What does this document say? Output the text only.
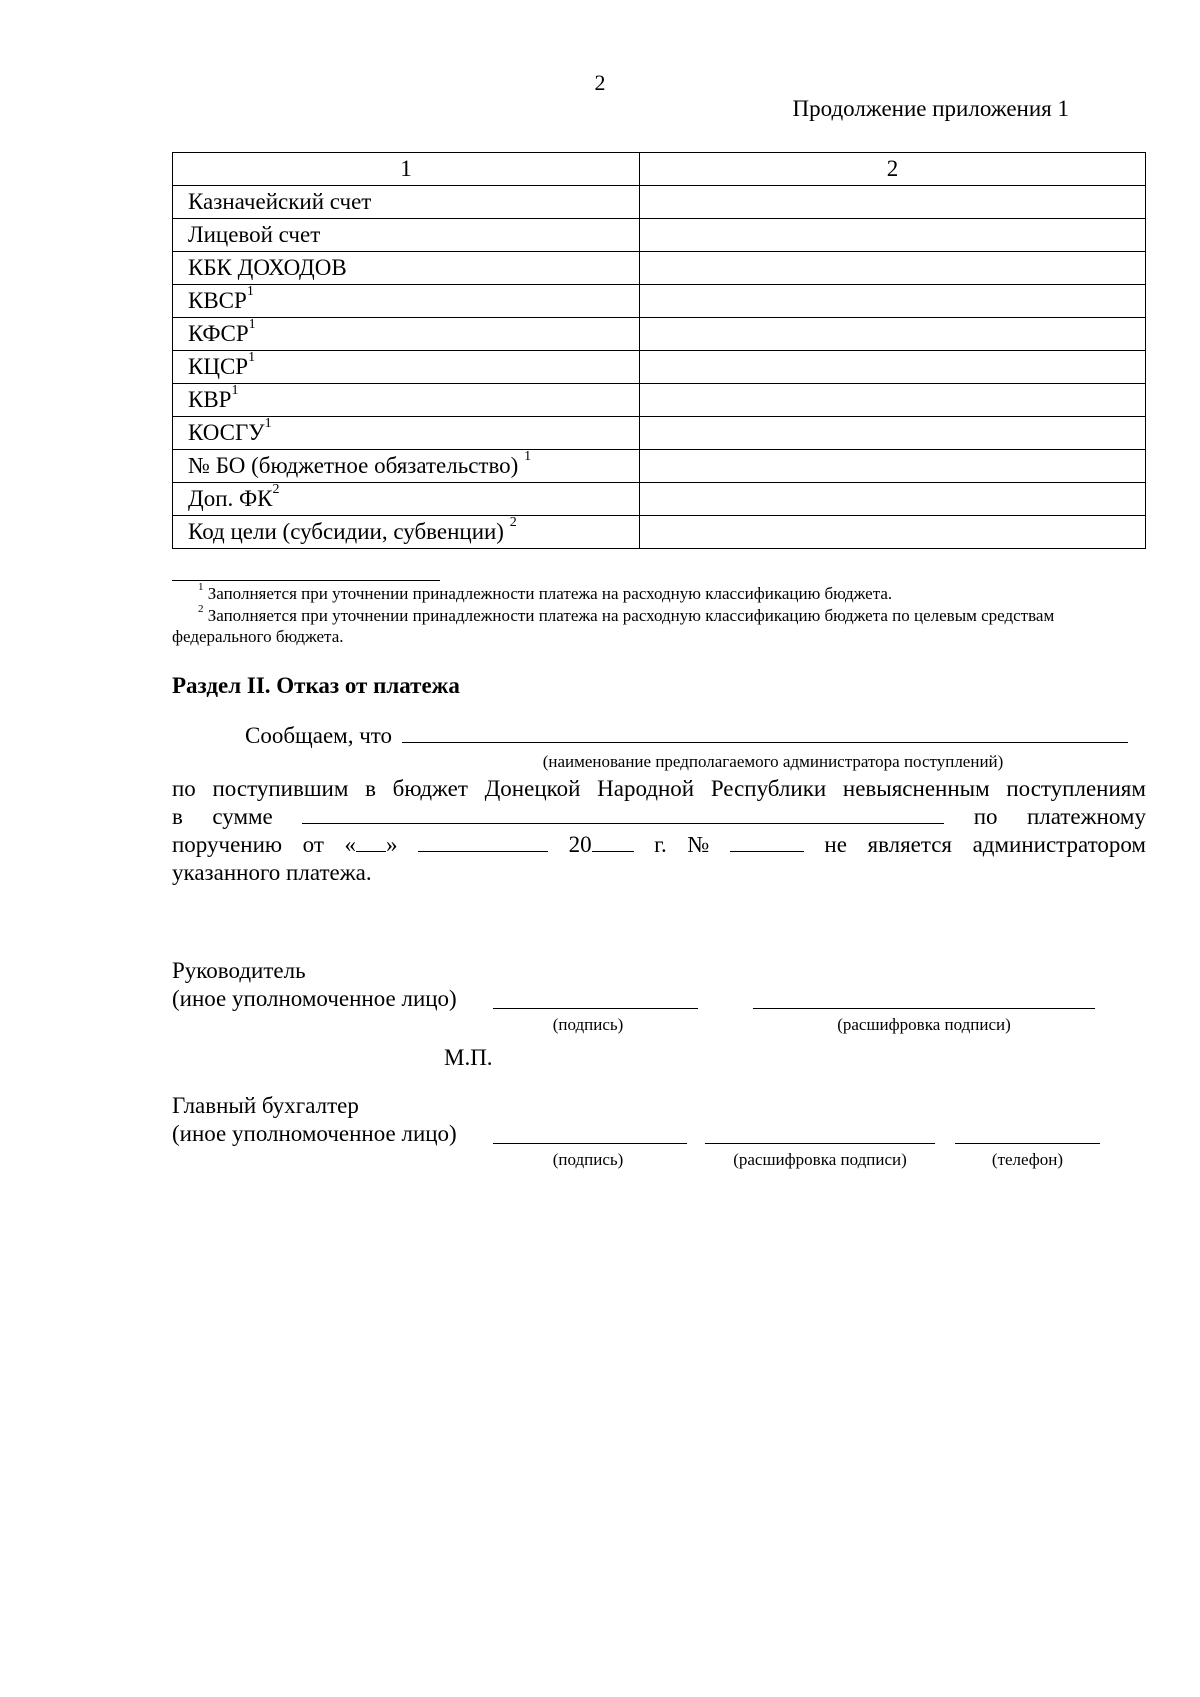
2
Продолжение приложения 1
1	2
Казначейский счет	
Лицевой счет	
КБК ДОХОДОВ	
КВСР$^1$	
КФСР$^1$	
КЦСР$^1$	
КВР$^1$	
КОСГУ$^1$	
№ БО (бюджетное обязательство) $^1$	
Доп. $ФК^2$	
Код цели (субсидии, субвенции) $^2$	
$^1$ Заполняется при уточнении принадлежности платежа на расходную классификацию бюджета.
$^2$ Заполняется при уточнении принадлежности платежа на расходную классификацию бюджета по целевым средствам федерального бюджета.
Раздел II. Отказ от платежа
Сообщаем, что
(наименование предполагаемого администратора поступлений)
по поступившим в бюджет Донецкой Народной Республики невыясненным поступлениям
в сумме	по платежному
поручению от « »	20	г. №	не является администратором
указанного платежа.
Руководитель
(иное уполномоченное лицо)
(подпись)	(расшифровка подписи)
М.П.
Главный бухгалтер
(иное уполномоченное лицо)
(подпись)	(расшифровка подписи)	(телефон)
